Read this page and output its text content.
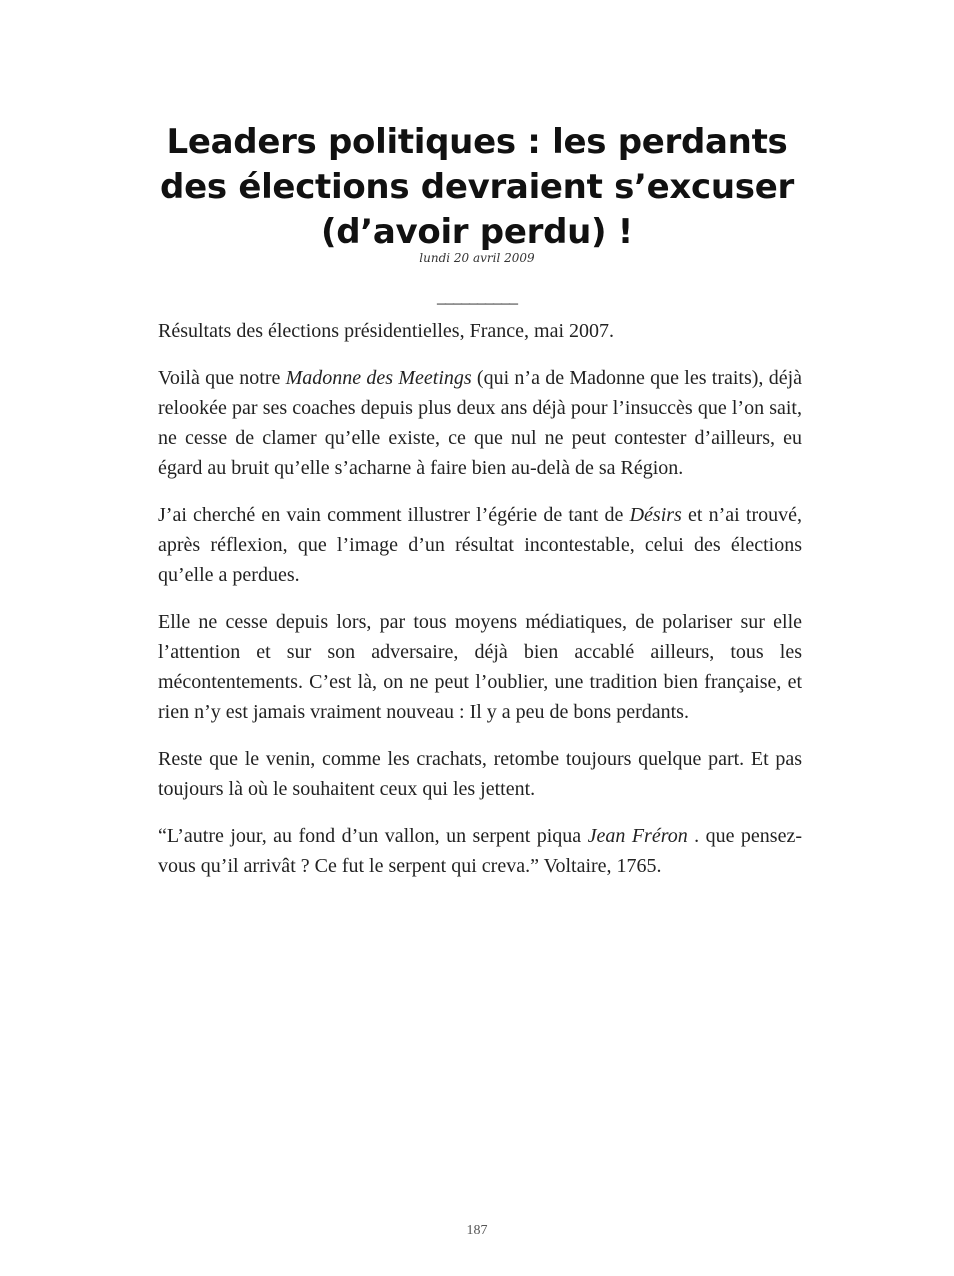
Leaders politiques : les perdants des élections devraient s’excuser (d’avoir perdu) !
lundi 20 avril 2009
__________

Résultats des élections présidentielles, France, mai 2007.

Voilà que notre Madonne des Meetings (qui n’a de Madonne que les traits), déjà relookée par ses coaches depuis plus deux ans déjà pour l’insuccès que l’on sait, ne cesse de clamer qu’elle existe, ce que nul ne peut contester d’ailleurs, eu égard au bruit qu’elle s’acharne à faire bien au-delà de sa Région.

J’ai cherché en vain comment illustrer l’égérie de tant de Désirs et n’ai trouvé, après réflexion, que l’image d’un résultat incontestable, celui des élections qu’elle a perdues.

Elle ne cesse depuis lors, par tous moyens médiatiques, de polariser sur elle l’attention et sur son adversaire, déjà bien accablé ailleurs, tous les mécontentements. C’est là, on ne peut l’oublier, une tradition bien française, et rien n’y est jamais vraiment nouveau : Il y a peu de bons perdants.

Reste que le venin, comme les crachats, retombe toujours quelque part. Et pas toujours là où le souhaitent ceux qui les jettent.

“L’autre jour, au fond d’un vallon, un serpent piqua Jean Fréron . que pensez-vous qu’il arrivât ? Ce fut le serpent qui creva.” Voltaire, 1765.

187
